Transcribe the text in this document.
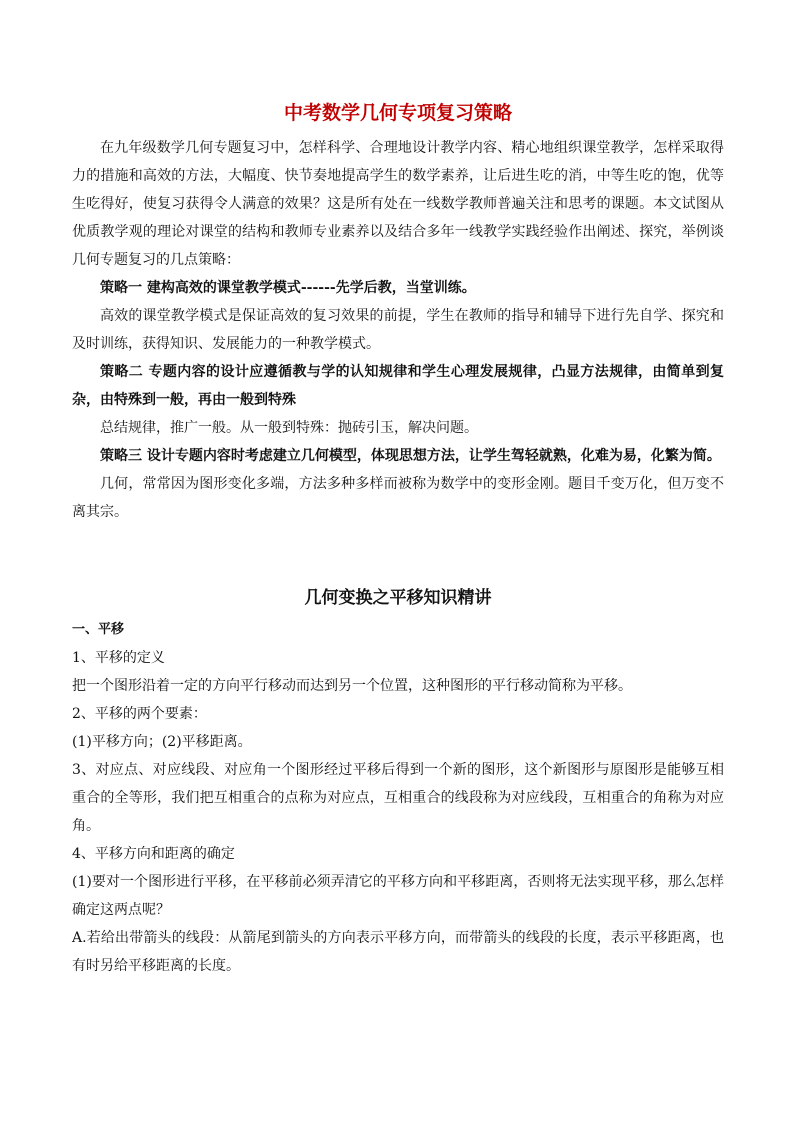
中考数学几何专项复习策略

在九年级数学几何专题复习中，怎样科学、合理地设计教学内容、精心地组织课堂教学，怎样采取得力的措施和高效的方法，大幅度、快节奏地提高学生的数学素养，让后进生吃的消，中等生吃的饱，优等生吃得好，使复习获得令人满意的效果？这是所有处在一线数学教师普遍关注和思考的课题。本文试图从优质教学观的理论对课堂的结构和教师专业素养以及结合多年一线教学实践经验作出阐述、探究，举例谈几何专题复习的几点策略：

策略一 建构高效的课堂教学模式------先学后教，当堂训练。

高效的课堂教学模式是保证高效的复习效果的前提，学生在教师的指导和辅导下进行先自学、探究和及时训练，获得知识、发展能力的一种教学模式。

策略二 专题内容的设计应遵循教与学的认知规律和学生心理发展规律，凸显方法规律，由简单到复杂，由特殊到一般，再由一般到特殊

总结规律，推广一般。从一般到特殊：抛砖引玉，解决问题。

策略三 设计专题内容时考虑建立几何模型，体现思想方法，让学生驾轻就熟，化难为易，化繁为简。

几何，常常因为图形变化多端，方法多种多样而被称为数学中的变形金刚。题目千变万化，但万变不离其宗。

几何变换之平移知识精讲

一、平移

1、平移的定义

把一个图形沿着一定的方向平行移动而达到另一个位置，这种图形的平行移动简称为平移。

2、平移的两个要素：

(1)平移方向；(2)平移距离。

3、对应点、对应线段、对应角一个图形经过平移后得到一个新的图形，这个新图形与原图形是能够互相重合的全等形，我们把互相重合的点称为对应点，互相重合的线段称为对应线段，互相重合的角称为对应角。

4、平移方向和距离的确定

(1)要对一个图形进行平移，在平移前必须弄清它的平移方向和平移距离，否则将无法实现平移，那么怎样确定这两点呢？

A.若给出带箭头的线段：从箭尾到箭头的方向表示平移方向，而带箭头的线段的长度，表示平移距离，也有时另给平移距离的长度。
